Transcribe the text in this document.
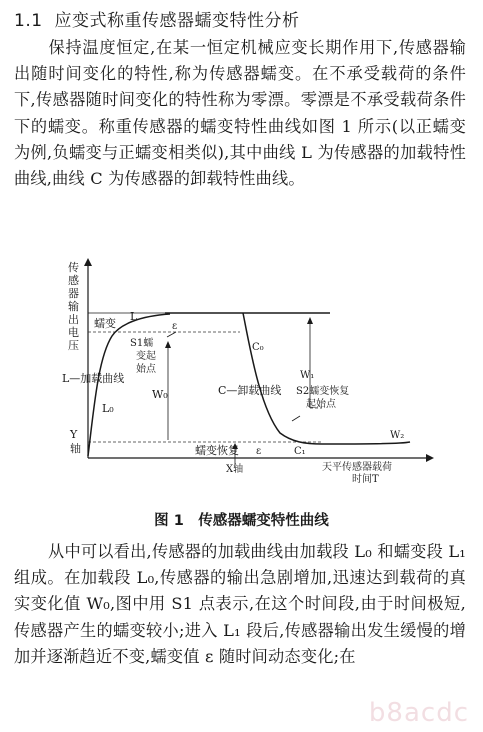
1.1 应变式称重传感器蠕变特性分析
保持温度恒定,在某一恒定机械应变长期作用下,传感器输出随时间变化的特性,称为传感器蠕变。在不承受载荷的条件下,传感器随时间变化的特性称为零漂。零漂是不承受载荷条件下的蠕变。称重传感器的蠕变特性曲线如图 1 所示(以正蠕变为例,负蠕变与正蠕变相类似),其中曲线 L 为传感器的加载特性曲线,曲线 C 为传感器的卸载特性曲线。
传 感 器 输 出 电 压
蠕变
L
ε
S1蠕 变起 始点
L—加载曲线
L₀
W₀
Y 轴
C₀
W₁
C—卸载曲线 S2蠕变恢复 起始点
蠕变恢复 ε	C₁
W₂
X轴	天平传感器载荷 时间T
图 1　传感器蠕变特性曲线
从中可以看出,传感器的加载曲线由加载段 L₀ 和蠕变段 L₁ 组成。在加载段 L₀,传感器的输出急剧增加,迅速达到载荷的真实变化值 W₀,图中用 S1 点表示,在这个时间段,由于时间极短,传感器产生的蠕变较小;进入 L₁ 段后,传感器输出发生缓慢的增加并逐渐趋近不变,蠕变值 ε 随时间动态变化;在
b8acdc
